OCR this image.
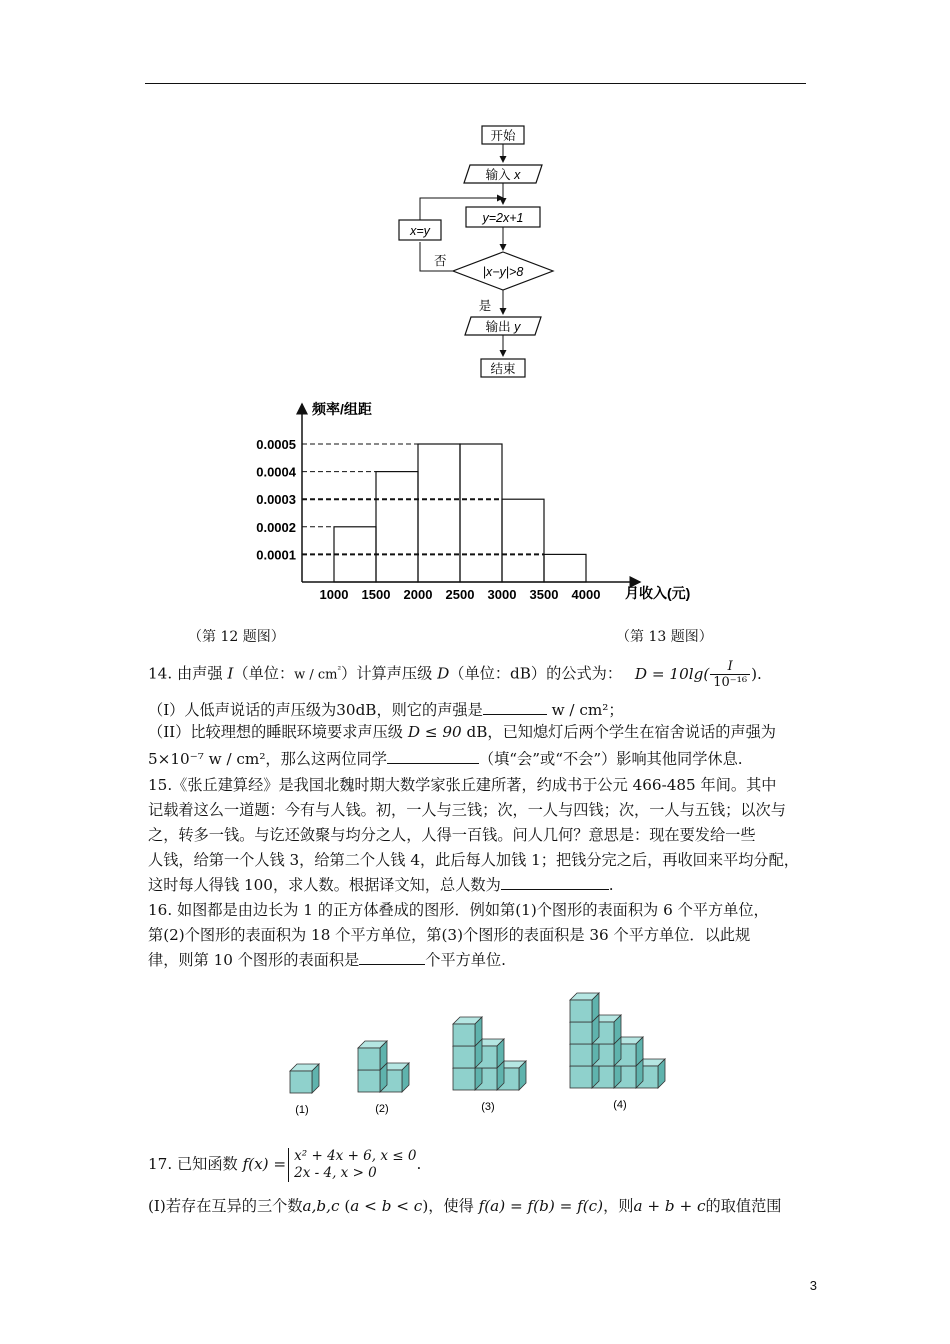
开始
输入 x
y=2x+1
x=y
否
|x−y|>8
是
输出 y
结束
1000 1500 2000 2500 3000 3500 4000
0.0001
0.0002
0.0003
0.0004
0.0005
频率/组距
月收入(元)
（第 12 题图）	（第 13 题图）
14. 由声强 I（单位：w / $cm^{^2}$）计算声压级 D（单位：dB）的公式为： $D = 10\lg( \frac{I}{\text{10⁻¹⁶}}$ ).
（I）人低声说话的声压级为30dB，则它的声强是	w / cm²；
（II）比较理想的睡眠环境要求声压级 D ≤ 90 dB，已知熄灯后两个学生在宿舍说话的声强为
5×10⁻⁷ w / cm²，那么这两位同学	（填“会”或“不会”）影响其他同学休息.
15.《张丘建算经》是我国北魏时期大数学家张丘建所著，约成书于公元 466-485 年间。其中
记载着这么一道题：今有与人钱。初，一人与三钱；次，一人与四钱；次，一人与五钱；以次与
之，转多一钱。与讫还敛聚与均分之人，人得一百钱。问人几何？意思是：现在要发给一些
人钱，给第一个人钱 3，给第二个人钱 4，此后每人加钱 1；把钱分完之后，再收回来平均分配，
这时每人得钱 100，求人数。根据译文知，总人数为	.
16. 如图都是由边长为 1 的正方体叠成的图形．例如第(1)个图形的表面积为 6 个平方单位，
第(2)个图形的表面积为 18 个平方单位，第(3)个图形的表面积是 36 个平方单位．以此规
律，则第 10 个图形的表面积是	个平方单位.
(1)	(2)	(3)	(4)
17. 已知函数 f(x) = x² + 4x + 6, x ≤ 0
2x - 4, x > 0	.
(I)若存在互异的三个数a,b,c (a < b < c)，使得 f(a) = f(b) = f(c)，则a + b + c的取值范围
3
